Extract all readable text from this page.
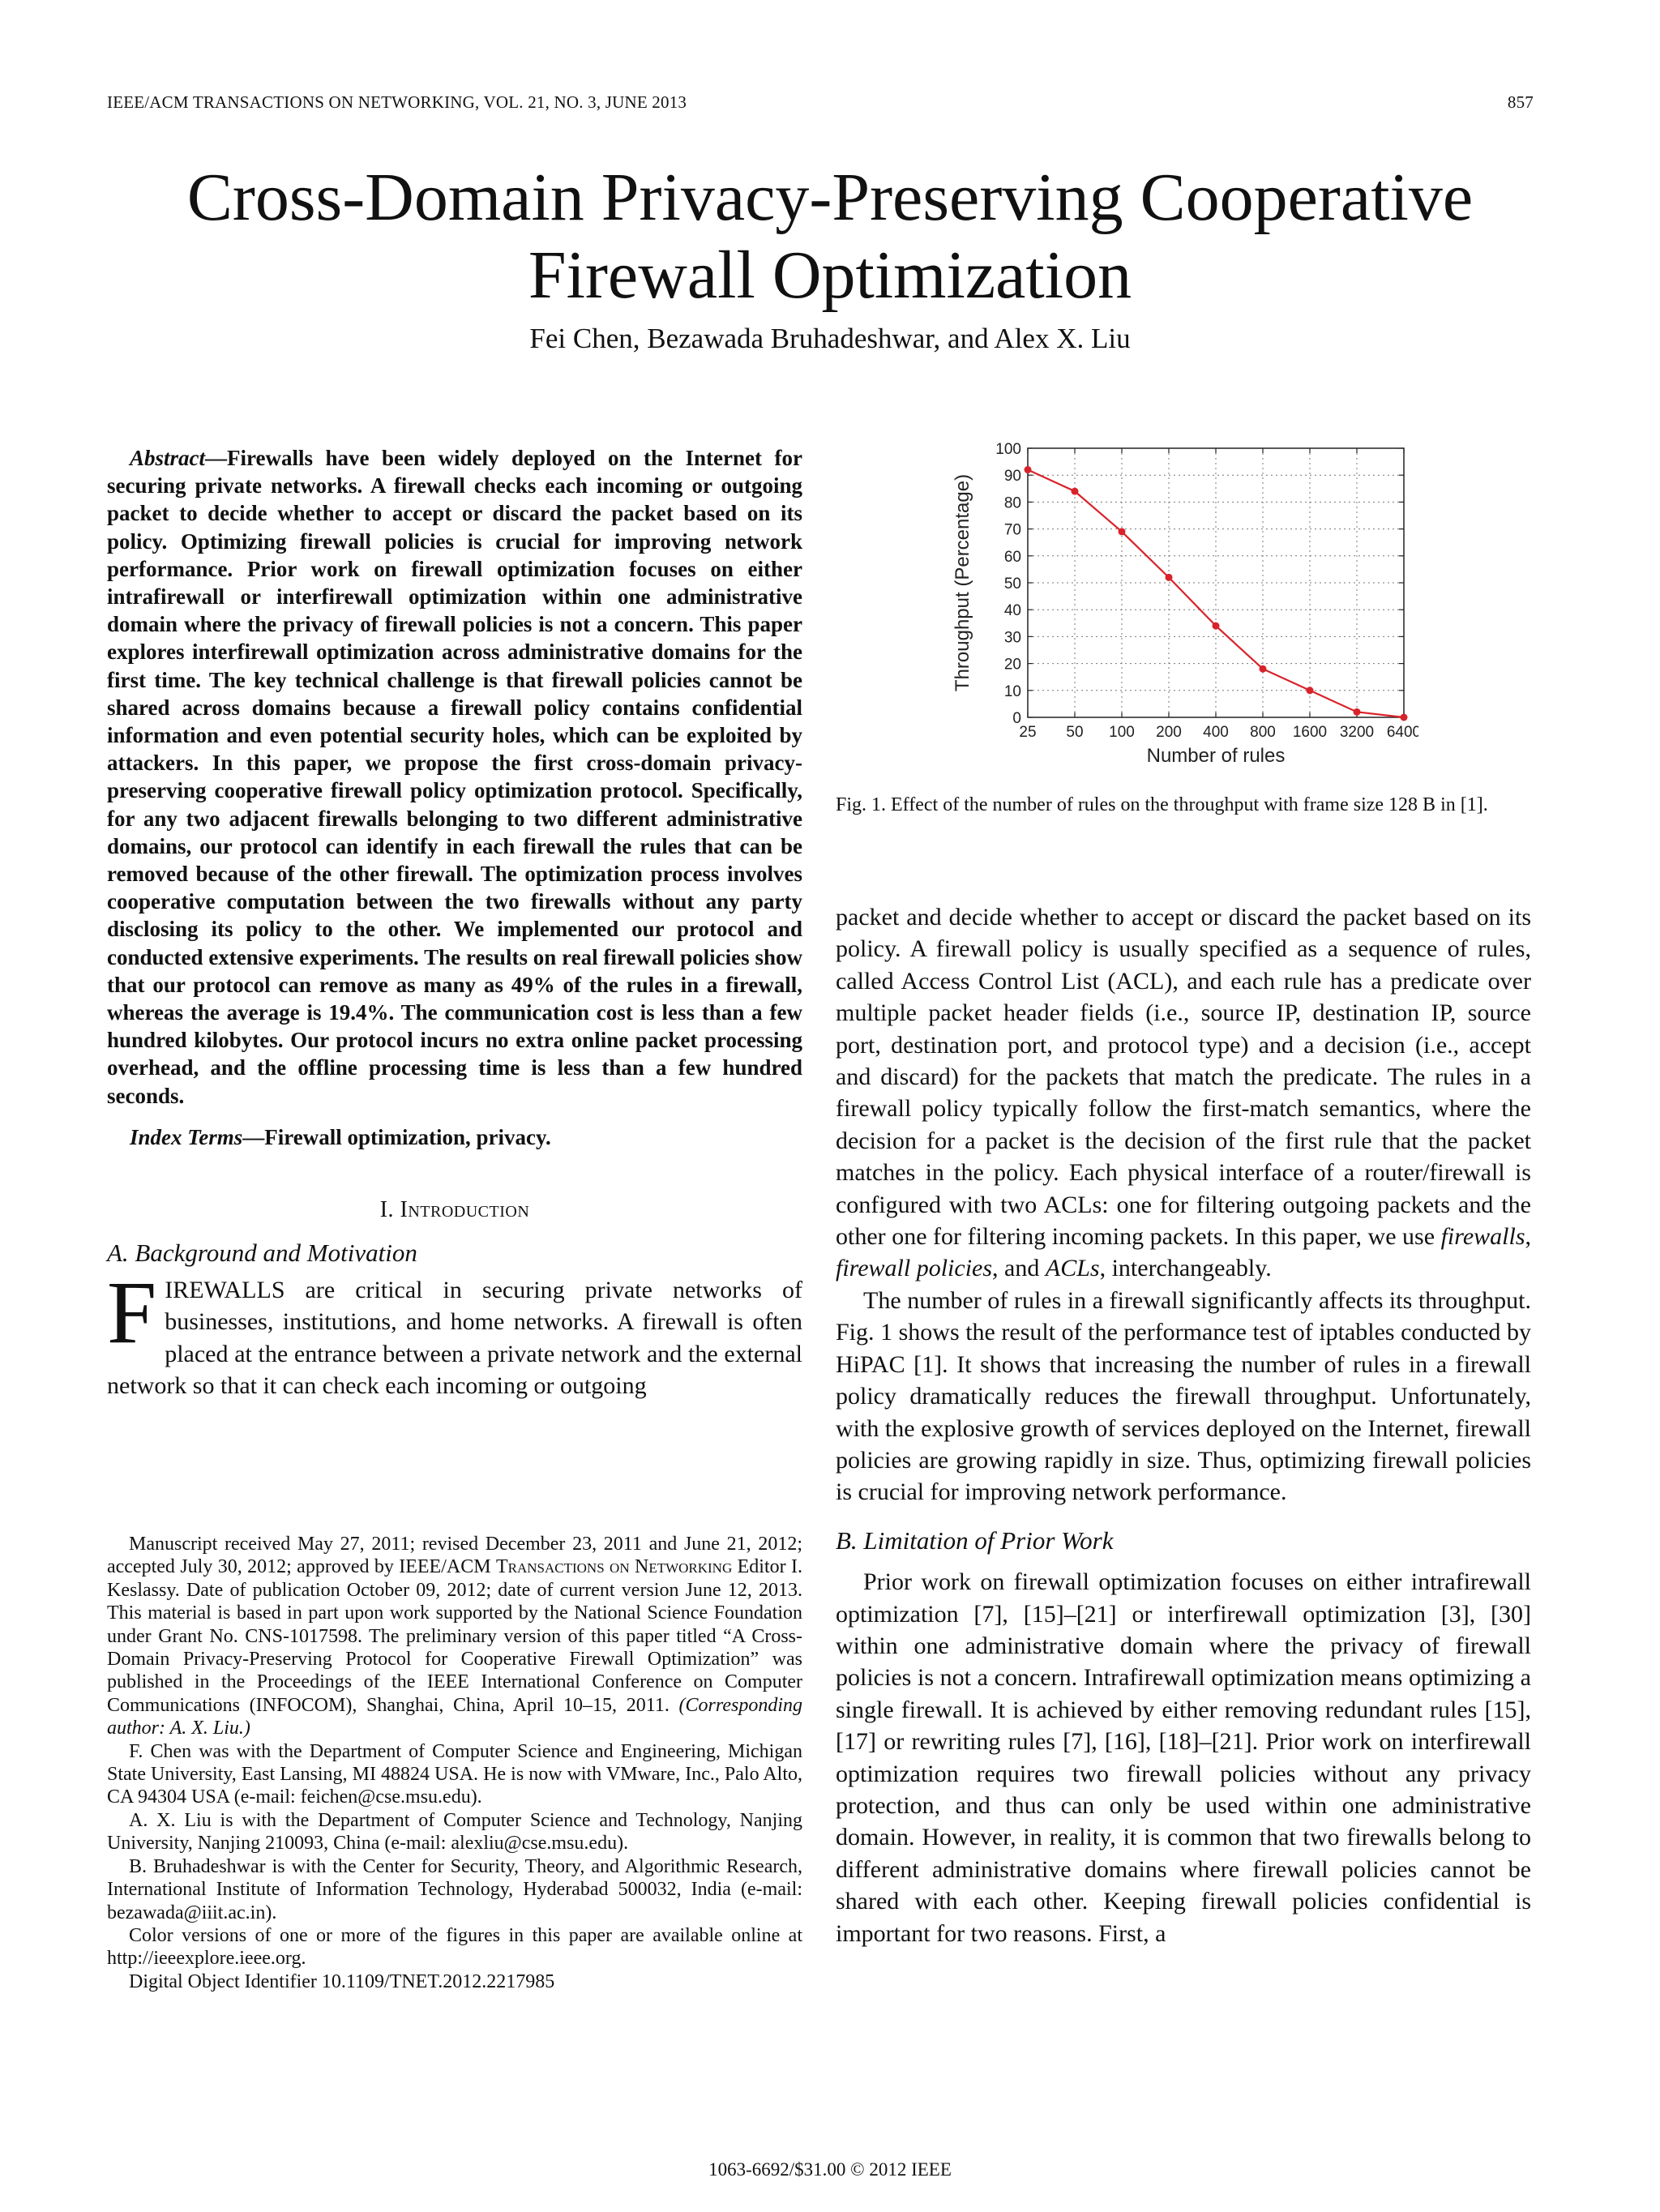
IEEE/ACM TRANSACTIONS ON NETWORKING, VOL. 21, NO. 3, JUNE 2013	857
Cross-Domain Privacy-Preserving Cooperative
Firewall Optimization
Fei Chen, Bezawada Bruhadeshwar, and Alex X. Liu

Abstract—Firewalls have been widely deployed on the Internet for securing private networks. A firewall checks each incoming or outgoing packet to decide whether to accept or discard the packet based on its policy. Optimizing firewall policies is crucial for improving network performance. Prior work on firewall optimization focuses on either intrafirewall or interfirewall optimization within one administrative domain where the privacy of firewall policies is not a concern. This paper explores interfirewall optimization across administrative domains for the first time. The key technical challenge is that firewall policies cannot be shared across domains because a firewall policy contains confidential information and even potential security holes, which can be exploited by attackers. In this paper, we propose the first cross-domain privacy-preserving cooperative firewall policy optimization protocol. Specifically, for any two adjacent firewalls belonging to two different administrative domains, our protocol can identify in each firewall the rules that can be removed because of the other firewall. The optimization process involves cooperative computation between the two firewalls without any party disclosing its policy to the other. We implemented our protocol and conducted extensive experiments. The results on real firewall policies show that our protocol can remove as many as 49% of the rules in a firewall, whereas the average is 19.4%. The communication cost is less than a few hundred kilobytes. Our protocol incurs no extra online packet processing overhead, and the offline processing time is less than a few hundred seconds.

Index Terms—Firewall optimization, privacy.

I. Introduction

A. Background and Motivation

FIREWALLS are critical in securing private networks of businesses, institutions, and home networks. A firewall is often placed at the entrance between a private network and the external network so that it can check each incoming or outgoing

Manuscript received May 27, 2011; revised December 23, 2011 and June 21, 2012; accepted July 30, 2012; approved by IEEE/ACM Transactions on Networking Editor I. Keslassy. Date of publication October 09, 2012; date of current version June 12, 2013. This material is based in part upon work supported by the National Science Foundation under Grant No. CNS-1017598. The preliminary version of this paper titled “A Cross-Domain Privacy-Preserving Protocol for Cooperative Firewall Optimization” was published in the Proceedings of the IEEE International Conference on Computer Communications (INFOCOM), Shanghai, China, April 10–15, 2011. (Corresponding author: A. X. Liu.)

F. Chen was with the Department of Computer Science and Engineering, Michigan State University, East Lansing, MI 48824 USA. He is now with VMware, Inc., Palo Alto, CA 94304 USA (e-mail: feichen@cse.msu.edu).

A. X. Liu is with the Department of Computer Science and Technology, Nanjing University, Nanjing 210093, China (e-mail: alexliu@cse.msu.edu).

B. Bruhadeshwar is with the Center for Security, Theory, and Algorithmic Research, International Institute of Information Technology, Hyderabad 500032, India (e-mail: bezawada@iiit.ac.in).

Color versions of one or more of the figures in this paper are available online at http://ieeexplore.ieee.org.

Digital Object Identifier 10.1109/TNET.2012.2217985

0
10
20
30
40
50
60
70
80
90
100
25 50 100 200 400 800 1600 3200 6400
Number of rules
Throughput (Percentage)
Fig. 1. Effect of the number of rules on the throughput with frame size 128 B in [1].

packet and decide whether to accept or discard the packet based on its policy. A firewall policy is usually specified as a sequence of rules, called Access Control List (ACL), and each rule has a predicate over multiple packet header fields (i.e., source IP, destination IP, source port, destination port, and protocol type) and a decision (i.e., accept and discard) for the packets that match the predicate. The rules in a firewall policy typically follow the first-match semantics, where the decision for a packet is the decision of the first rule that the packet matches in the policy. Each physical interface of a router/firewall is configured with two ACLs: one for filtering outgoing packets and the other one for filtering incoming packets. In this paper, we use firewalls, firewall policies, and ACLs, interchangeably.

The number of rules in a firewall significantly affects its throughput. Fig. 1 shows the result of the performance test of iptables conducted by HiPAC [1]. It shows that increasing the number of rules in a firewall policy dramatically reduces the firewall throughput. Unfortunately, with the explosive growth of services deployed on the Internet, firewall policies are growing rapidly in size. Thus, optimizing firewall policies is crucial for improving network performance.

B. Limitation of Prior Work

Prior work on firewall optimization focuses on either intrafirewall optimization [7], [15]–[21] or interfirewall optimization [3], [30] within one administrative domain where the privacy of firewall policies is not a concern. Intrafirewall optimization means optimizing a single firewall. It is achieved by either removing redundant rules [15], [17] or rewriting rules [7], [16], [18]–[21]. Prior work on interfirewall optimization requires two firewall policies without any privacy protection, and thus can only be used within one administrative domain. However, in reality, it is common that two firewalls belong to different administrative domains where firewall policies cannot be shared with each other. Keeping firewall policies confidential is important for two reasons. First, a

1063-6692/$31.00 © 2012 IEEE
